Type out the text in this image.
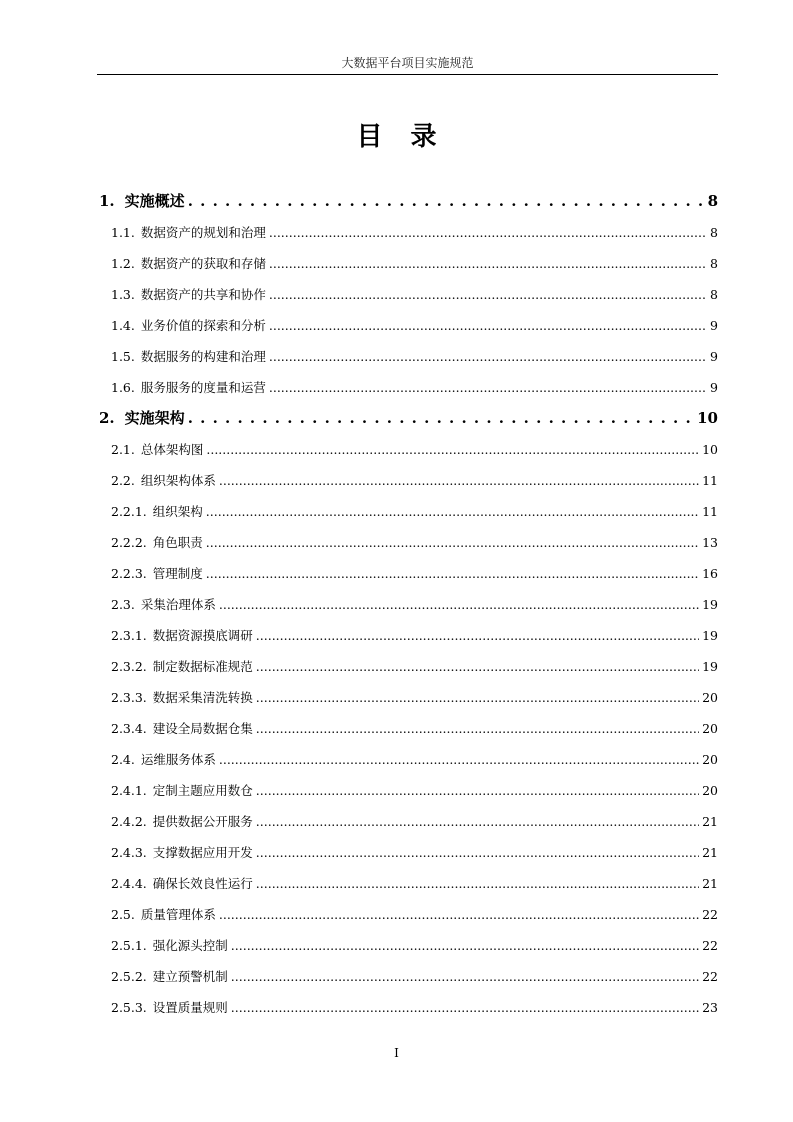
大数据平台项目实施规范
目录
1. 实施概述 . . .	8
1.1. 数据资产的规划和治理 .....	8
1.2. 数据资产的获取和存储 .....	8
1.3. 数据资产的共享和协作 .....	8
1.4. 业务价值的探索和分析 .....	9
1.5. 数据服务的构建和治理 .....	9
1.6. 服务服务的度量和运营 .....	9
2. 实施架构 . . .	10
2.1. 总体架构图 .....	10
2.2. 组织架构体系 .....	11
2.2.1. 组织架构 .....	11
2.2.2. 角色职责 .....	13
2.2.3. 管理制度 .....	16
2.3. 采集治理体系 .....	19
2.3.1. 数据资源摸底调研 .....	19
2.3.2. 制定数据标准规范 .....	19
2.3.3. 数据采集清洗转换 .....	20
2.3.4. 建设全局数据仓集 .....	20
2.4. 运维服务体系 .....	20
2.4.1. 定制主题应用数仓 .....	20
2.4.2. 提供数据公开服务 .....	21
2.4.3. 支撑数据应用开发 .....	21
2.4.4. 确保长效良性运行 .....	21
2.5. 质量管理体系 .....	22
2.5.1. 强化源头控制 .....	22
2.5.2. 建立预警机制 .....	22
2.5.3. 设置质量规则 .....	23
I
